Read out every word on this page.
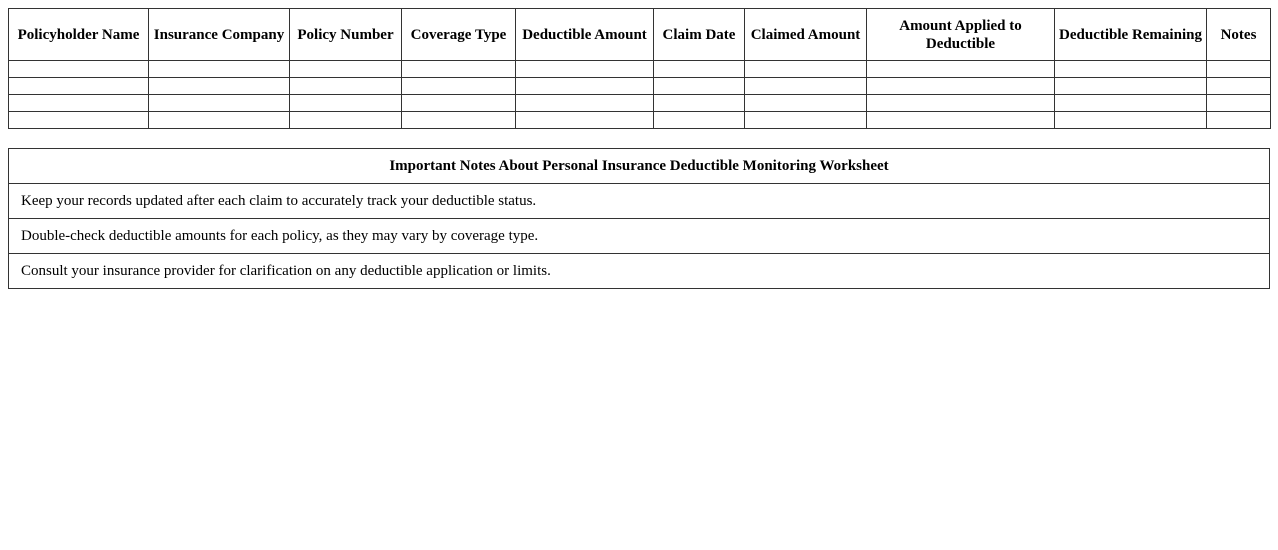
Policyholder Name	Insurance Company	Policy Number	Coverage Type	Deductible Amount	Claim Date	Claimed Amount	Amount Applied to Deductible	Deductible Remaining	Notes

Important Notes About Personal Insurance Deductible Monitoring Worksheet
Keep your records updated after each claim to accurately track your deductible status.
Double-check deductible amounts for each policy, as they may vary by coverage type.
Consult your insurance provider for clarification on any deductible application or limits.
